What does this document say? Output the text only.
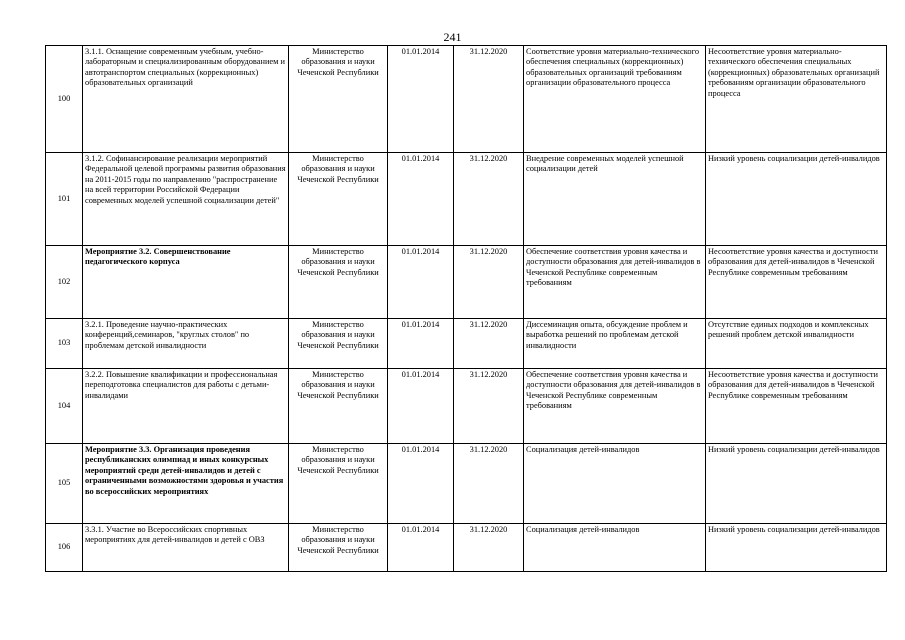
241
100	3.1.1. Оснащение современным учебным, учебно-лабораторным и специализированным оборудованием и автотранспортом специальных (коррекционных) образовательных организаций	Министерство образования и науки Чеченской Республики	01.01.2014	31.12.2020	Соответствие уровня материально-технического обеспечения специальных (коррекционных) образовательных организаций требованиям организации образовательного процесса	Несоответствие уровня материально-технического обеспечения специальных (коррекционных) образовательных организаций требованиям организации образовательного процесса
101	3.1.2. Софинансирование реализации мероприятий Федеральной целевой программы развития образования на 2011-2015 годы по направлению "распространение на всей территории Российской Федерации современных моделей успешной социализации детей"	Министерство образования и науки Чеченской Республики	01.01.2014	31.12.2020	Внедрение современных моделей успешной социализации детей	Низкий уровень социализации детей-инвалидов
102	Мероприятие 3.2. Совершенствование педагогического корпуса	Министерство образования и науки Чеченской Республики	01.01.2014	31.12.2020	Обеспечение соответствия уровня качества и доступности образования для детей-инвалидов в Чеченской Республике современным требованиям	Несоответствие уровня качества и доступности образования для детей-инвалидов в Чеченской Республике современным требованиям
103	3.2.1. Проведение научно-практических конференций,семинаров, "круглых столов" по проблемам детской инвалидности	Министерство образования и науки Чеченской Республики	01.01.2014	31.12.2020	Диссеминация опыта, обсуждение проблем и выработка решений по проблемам детской инвалидности	Отсутствие единых подходов и комплексных решений проблем детской инвалидности
104	3.2.2. Повышение квалификации и профессиональная переподготовка специалистов для работы с детьми-инвалидами	Министерство образования и науки Чеченской Республики	01.01.2014	31.12.2020	Обеспечение соответствия уровня качества и доступности образования для детей-инвалидов в Чеченской Республике современным требованиям	Несоответствие уровня качества и доступности образования для детей-инвалидов в Чеченской Республике современным требованиям
105	Мероприятие 3.3. Организация проведения республиканских олимпиад и иных конкурсных мероприятий среди детей-инвалидов и детей с ограниченными возможностями здоровья и участия во всероссийских мероприятиях	Министерство образования и науки Чеченской Республики	01.01.2014	31.12.2020	Социализация детей-инвалидов	Низкий уровень социализации детей-инвалидов
106	3.3.1. Участие во Всероссийских спортивных мероприятиях для детей-инвалидов и детей с ОВЗ	Министерство образования и науки Чеченской Республики	01.01.2014	31.12.2020	Социализация детей-инвалидов	Низкий уровень социализации детей-инвалидов
